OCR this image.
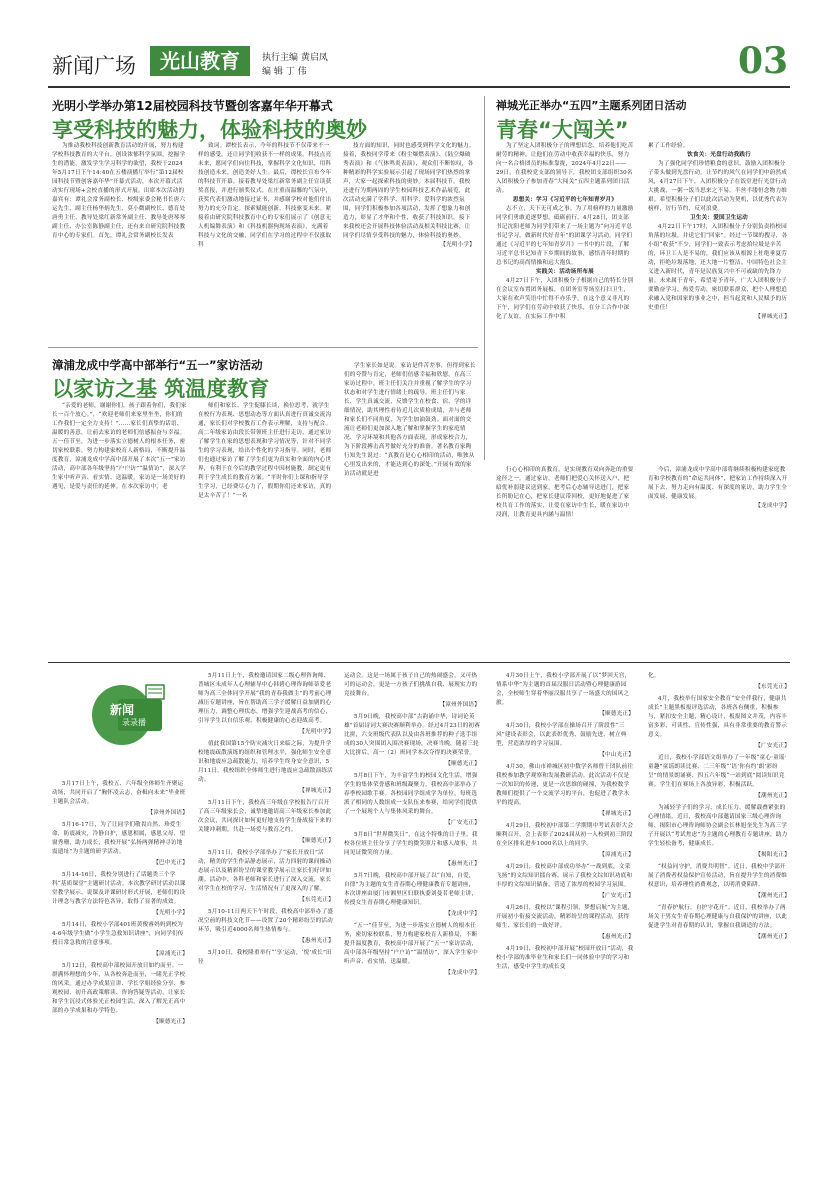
新闻广场	光山教育	执行主编 黄启凤
编 辑 丁 伟	03
光明小学举办第12届校园科技节暨创客嘉年华开幕式
享受科技的魅力，体验科技的奥妙

为推动我校科技创新教育活动的开展，努力构建学校科技教育的大平台，创设浓郁科学氛围，挖掘学生的潜能，激发学生学习科学的欲望，我校于2024年5月17日下午14:40在五楼演播厅举行“第12届校园科技节暨创客嘉年华”开幕式活动，本次开幕式活动实行现场+会校直播的形式开展。出席本次活动的嘉宾有：谭礼会常务副校长、校级家委会秘书长唐六运先生、副主任杨华炳先生、莫小微副校长、德育处唐勇主任、教导处梁红新常务副主任、教导处唐琴琴副主任、办公室陈静副主任，还有来自研究院科技教育中心的专家们。首先，谭礼会常务副校长发表

致词。谭校长表示，今年的科技节不仅带来不一样的感受，还让同学们收获不一样的成果。科技点亮未来，愿同学们向往科技，掌握科学文化知识，用科技创造未来，创造美好人生。最后，谭校长宣布今年的科技节开幕。接着教导处梁红新常务副主任宣读获奖喜报，并进行颁奖仪式。在庄重而温馨的气氛中，获奖代表们激动地接过证书，并感谢学校对他们付出努力的充分肯定。探索赋能创新，科技驱变未来。紧接着由研究院科技教育中心的专家们展示了《创意无人机编舞表演》和《科技机器狗现场表演》，充满着科技与文化的交融，同学们在学习的过程中不仅涨取科

技方面的知识，同时也感受到科学文化的魅力。接着，我校同学带来《粉尘爆燃表演》、《陆空爆破秀表演》和《气体鸣炎表演》，观众们不断惊叹，各种精彩的科学实验展示引起了现场同学们热烈的掌声，大家一起探索科技的奥妙。本届科技节，我校还进行为期两周的学生校园科技艺术作品展览，此次活动充满了学科学、用科学、爱科学的浓烈氛围，同学们积极参加各项活动，发挥了想象力和创造力，彰显了才华和个性，收获了科技知识。接下来我校还会开展科技体验活动及相关科技比赛，让同学们尽情享受科技的魅力，体验科技的奥妙。

【光明小学】
禅城光正举办“五四”主题系列团日活动
青春“大闯关”

为了坚定入团积极分子的理想信念，培养他们吃苦耐劳的精神，让他们在劳动中收获幸福的快乐，努力向一名合格团员的标准靠拢，2024年4月22日——29日，在我校党支部的领导下，我校团支部组织30名入团积极分子参加青春“大闯关”五四主题系列团日活动。

思想关：学习《习近平的七年知青岁月》

志不立，天下无可成之事。为了用榜样的力量激励同学们勇敢追逐梦想，砥砺前行，4月28日，团支部书记沈阳老师为同学们带来了一场主题为“向习近平总书记学习，做新时代好青年”的团课学习活动。同学们通过《习近平的七年知青岁月》一书中的片段，了解习近平总书记知青下乡期间的故事，感悟青年时期的总书记的高尚情操和远大抱负。

实践关：活动场所布展

4月27日下午，入团积极分子根据自己的特长分别在会议室布置团务展板，在团务室等场室打扫卫生，大家在欢声笑语中忙得不亦乐乎，在这个意义非凡的下午，同学们在劳动中收获了快乐，在分工合作中深化了友谊，在实际工作中积

累了工作经验。

饮食关：光盘行动我践行

为了强化同学们珍惜粮食的意识，鼓励入团积极分子带头做到光盘行动，让节约的风气在同学们中蔚然成风，4月27日下午，入团积极分子在饭堂进行光盘行动大挑战，一粥一饭当思来之不易，半丝半缕恒念物力维艰。希望积极分子们以此次活动为契机，以优秀代表为榜样，厉行节约，反对浪费。

卫生关：爱国卫生运动

4月22日下午17时，入团积极分子分别负责拾校园角落的垃圾，并送它们“回家”。经过一节课的搜寻，各小组“收获”不少，同学们一致表示考虑拾垃圾是辛苦的，环卫工人是不易的，我们应该从根源上杜绝垂夏劳动，拒绝垃圾落地，还大地一片整洁。中国特色社会主义进入新时代，青年是民族复兴中不可或缺的先锋力量。未来属于青年，希望寄予青年，广大入团积极分子要勤奋学习，热爱劳动，密切联系群众，把个人理想追求融入党和国家的事业之中，担当起党和人民赋予的历史重任！

【禅城光正】
漳浦龙成中学高中部举行“五一”家访活动
以家访之基 筑温度教育

“亲爱的老师，谢谢你们，孩子跟着你们，我们家长一百个放心。”，“欢迎老师们来家里坐坐，你们的工作我们一定全力支持！”……家长们真挚的话语、温暖的善意，让前去家访的老师们倍感振奋与幸福。五一佳节至，为进一步落实立德树人的根本任务，密切家校联系，努力构建家校育人新格局，不断提升温度教育，漳浦龙成中学高中部开展了本次“五一”家访活动，高中部各年级坚持“户户访”“温情访”，深入学生家中听声音、看实情、送温暖。家访是一场美好的遇见，是爱与责任的延伸。在本次家访中，老

师们和家长、学生促膝长谈，换位思考，就学生在校行为表现、思想动态等方面认真进行真诚交流沟通，家长们对学校教育工作表示理解，支持与配合。高二年级家访由段长带领班主任进行走访，通过家访了解学生在家的思想表现和学习情况等，针对不同学生的学习表现，给出个性化的学习指导。同时，老师们也通过家访了解了学生们更为真实和全面的内心世界，有利于在今后的教学过程中因材施教，制定更有利于学生成长的教育方案。“平时你们上课和指导学生学习，已经费尽心力了，假期你们还来家访，真的是太辛苦了！”一名

学生家长如是说。家访是件苦差事，但得到家长们的夸赞与肯定，老师们倍感幸福和欣慰。在高三家访过程中，班主任们关注并重视了解学生的学习状态和对学生进行情绪上的疏导。班主任们与家长、学生真诚交流、反馈学生在校食、宿、学的详细情况，助其理性看待近几次质检成绩，并与老师和家长们不同角度，为学生加油鼓劲。面对面的交流让老师们更加深入地了解和掌握学生的家庭情况、学习环境和其他各方面表现，形成家校合力，为下阶段搏击高考做好充分的准备。著名教育家陶行知先生说过：“真教育是心心相印的活动，唯独从心里发出来的，才能达到心的深处。”开展有效的家访活动就是进

行心心相印的真教育，是实现教育双向奔赴的重要途径之一。通过家访，老师们把爱心关怀送入户，把暗优补弱建议送到家，把考后心态辅导送进门，把家长所盼记在心，把家长建议带回校，更好地促进了家校共育工作的落实，让爱在家访中生长，暖在家访中浸润，让教育更具内涵与温情！

今后，漳浦龙成中学高中部将继续积极构建家庭教育和学校教育的“命运共同体”，把家访工作持续深入开展下去，努力走向有温度、有深度的家访，助力学生全面发展、健康发展。

【龙成中学】
新闻
录录播

5月17日上午，我校五、六年级全体师生齐聚运动场，共同开启了“胸怀凌云志，奋楫向未来”毕业班主题队会活动。

【漳州外国语】

5月16-17日，为了让同学们敬畏自然、珍爱生命，防震减灾，冷静自护，感恩相属，感恩父母，望窗秀珊，助力成长，我校开展“弘扬两弹精神寻访地震遗址”为主题的研学活动。

【巴中光正】

5月14-16日，我校分别进行了话题类三个学科“基质课堂”主题研讨活动。本次教学研讨活动以课堂教学展示、说课及评课研讨形式开展，老师们的设计理念与教学方法特色各异，取得了显著的成效。

【光明小学】

5月14日，我校小学部401班黄俊睿妈妈到校为4-6年级学生做“小学生急救知识讲座”，向同学们传授日常急救的注意事项。

【漳浦光正】

5月12日，我校高中部校园开放日如约而至。一群满怀理想的少年，从各校奔赴而至，一睹光正学校的风采。通过办学成果宣讲、学长学姐经验分享、参观校园、初升高政策解读、咨询答疑等活动，让家长和学生沉浸式体验光正校园生活，深入了解光正高中部的办学成果和办学特色。

【顺德光正】

5月11日上午，我校邀请国家二级心理咨询师、普城区未成年人心理辅导中心韩碧心理咨询师蒂爱老师为高三全体同学开展“我的青春我做主”的考前心理减压专题讲座，旨在帮助高三学子缓解日益加剧的心理压力，调整心理状态，增强学生迎战高考的信心，引导学生以自信乐观、积极健康的心态迎战高考。

【光明中学】

值此我国第15个防灾减灾日来临之际，为提升学校地震疏散演练的组织和管理水平，强化师生安全意识和地震应急疏散能力，培养学生终身安全意识，5月11日，我校组织全体师生进行地震应急疏散演练活动。

【禅城光正】

5月11日下午，我校高三年级在学校报告厅召开了高三年级家长会，诚挚地邀请高三年级家长参加此次会议，共同探讨如何更好地支持学生备战接下来的关键冲刺期，共赴一场爱与教育之约。

【顺德光正】

5月11日，我校小学部举办了“家长开放日”活动，精美的学生作品静态展示，活力四射的课间操动态展示以及精彩纷呈的课堂教学展示让家长们好评如潮。活动中，各科老师和家长进行了深入交流，家长对学生在校的学习、生活情况有了更深入的了解。

【东莞光正】

5月10-11日两天下午时段，我校高中部举办了盛况空前的科技文化节——设置了20个精彩纷呈的活动环节，吸引近4000名师生热情参与。

【惠州光正】

5月10日，我校隆重举行“‘享’运动，‘悦’成长”田径

运动会。这是一场属于孩子自己的热闹盛会，又可热可的运动会，更是一方孩子们挑战自我、展现实力的竞技舞台。

【漳州外国语】

5月9日晚，我校高中部“古韵诵中华，诗词论英雄”首届诗词大赛决赛顺利举办。经过4月23日的初赛比拼，六支班级代表队以及由各班推荐的种子选手组成的30人突围团入围决赛现场，决赛当晚，随着三轮大比拼后，高一（2）班同学本次夺得的决赛荣誉。

【顺德光正】

5月8日下午，为丰富学生的校园文化生活，增强学生的集体荣誉感和班级凝聚力，我校高中部举办了春季校园歌手赛。各校园同学组成学为单位，每班选派了相同的人数组成一支队伍来参赛，给同学们提供了一个展现个人与集体风采的舞台。

【广安光正】

5月8日“世界微笑日”，在这个特殊的日子里，我校各位班主任分享了学生的微笑照片和感人故事，共同见证微笑的力量。

【惠州光正】

5月7日晚，我校高中部开展了以“自知，自爱，自律”为主题的女生青春期心理健康教育专题讲座，本次讲座由厦门市湘里区妇联执委刘曼茗老师主讲，传授女生青春期心理健康知识。

【龙成中学】

“五一”佳节至，为进一步落实立德树人的根本任务，密切家校联系，努力构建家校育人新格局，不断提升温度教育，我校高中部开展了“五一”家访活动，高中部各年级坚持“户户访”“温情访”，深入学生家中听声音、看实情、送温暖。

【龙成中学】

4月30日上午，我校小学部开展了以“梦回天宫，情系中华”为主题的首届汉服日活动暨心理健康游园会，全校师生穿着华丽汉服共享了一场盛大的国风之旅。

【顺德光正】

4月30日，我校小学部在操场召开了阶段性“三风”建设表彰会，以此表彰优秀、鼓励先进、树立典型，营造浓厚的学习氛围。

【中山光正】

4月30，佛山市禅城区初中数学名师曾干团队前往我校参加教学观察和发展教研活动。此次活动不仅是一次知识的传递，更是一次思维的碰撞，为我校数学教师们提供了一个交流学习的平台，也促进了教学水平的提高。

【禅城光正】

4月29日，我校初中部第二学期期中考试表彰大会顺利召开，会上表彰了2024届从初一入校到初三阶段在全区排名进步1000名以上的同学。

【漳浦光正】

4月29日，我校高中部成功举办“一战到底，文采飞扬”的文综知识擂台赛。展示了我校文综知识功底和丰厚的文综知识储备，营造了浓厚的校园学习氛围。

【广安光正】

4月26日，我校以“课程引领，梦想启航”为主题，开展初小衔接交流活动，精彩纷呈的课程活动，获得师生、家长们的一致好评。

【惠州光正】

4月19日，我校初中部开展“校园开放日”活动，我校小学部的准毕业生和家长们一同体验中学的学习和生活，感受中学生的成长变

化。

【东莞光正】

4月，我校举行国家安全教育“安全伴我行，健康共成长”主题黑板报评选活动，各班各有侧重，积极参与，紧扣安全主题，精心设计，板报图文并茂，内容丰富多彩，可读性、宣传性强，具有非常重要的教育警示意义。

【广安光正】

近日，我校小学部语文组举办了一年级“童心·童谣·童趣”童谣朗读比赛、二三年级“‘语’你有约‘朗’彩纷呈”的情景朗诵赛、四五六年级“一站到底”阅读知识竞赛。学生们在赛场上各放异彩，积极活跃。

【潮州光正】

为减轻学子们的学习、成长压力，缓解载叠紧张的心理情绪，近日，我校高中部邀请国家三级心理咨询师、揭阳市心理咨询师协会副会长林旭奎先生为高三学子开展以“考试焦虑”为主题的心理教育专题讲座，助力学生轻松备考，健康成长。

【揭阳光正】

“权益同守护，消费共明智”。近日，我校中学部开展了消费者权益保护宣传活动，旨在提升学生的消费维权意识，培养理性消费观念，以明消费陷阱。

【潮州光正】

“青春护航行，自护守花开”。近日，我校举办了两场关于男女生青春期心理健康与自我保护的讲座，以此促进学生对青春期的认识，掌握自我调适的方法。

【潮州光正】
